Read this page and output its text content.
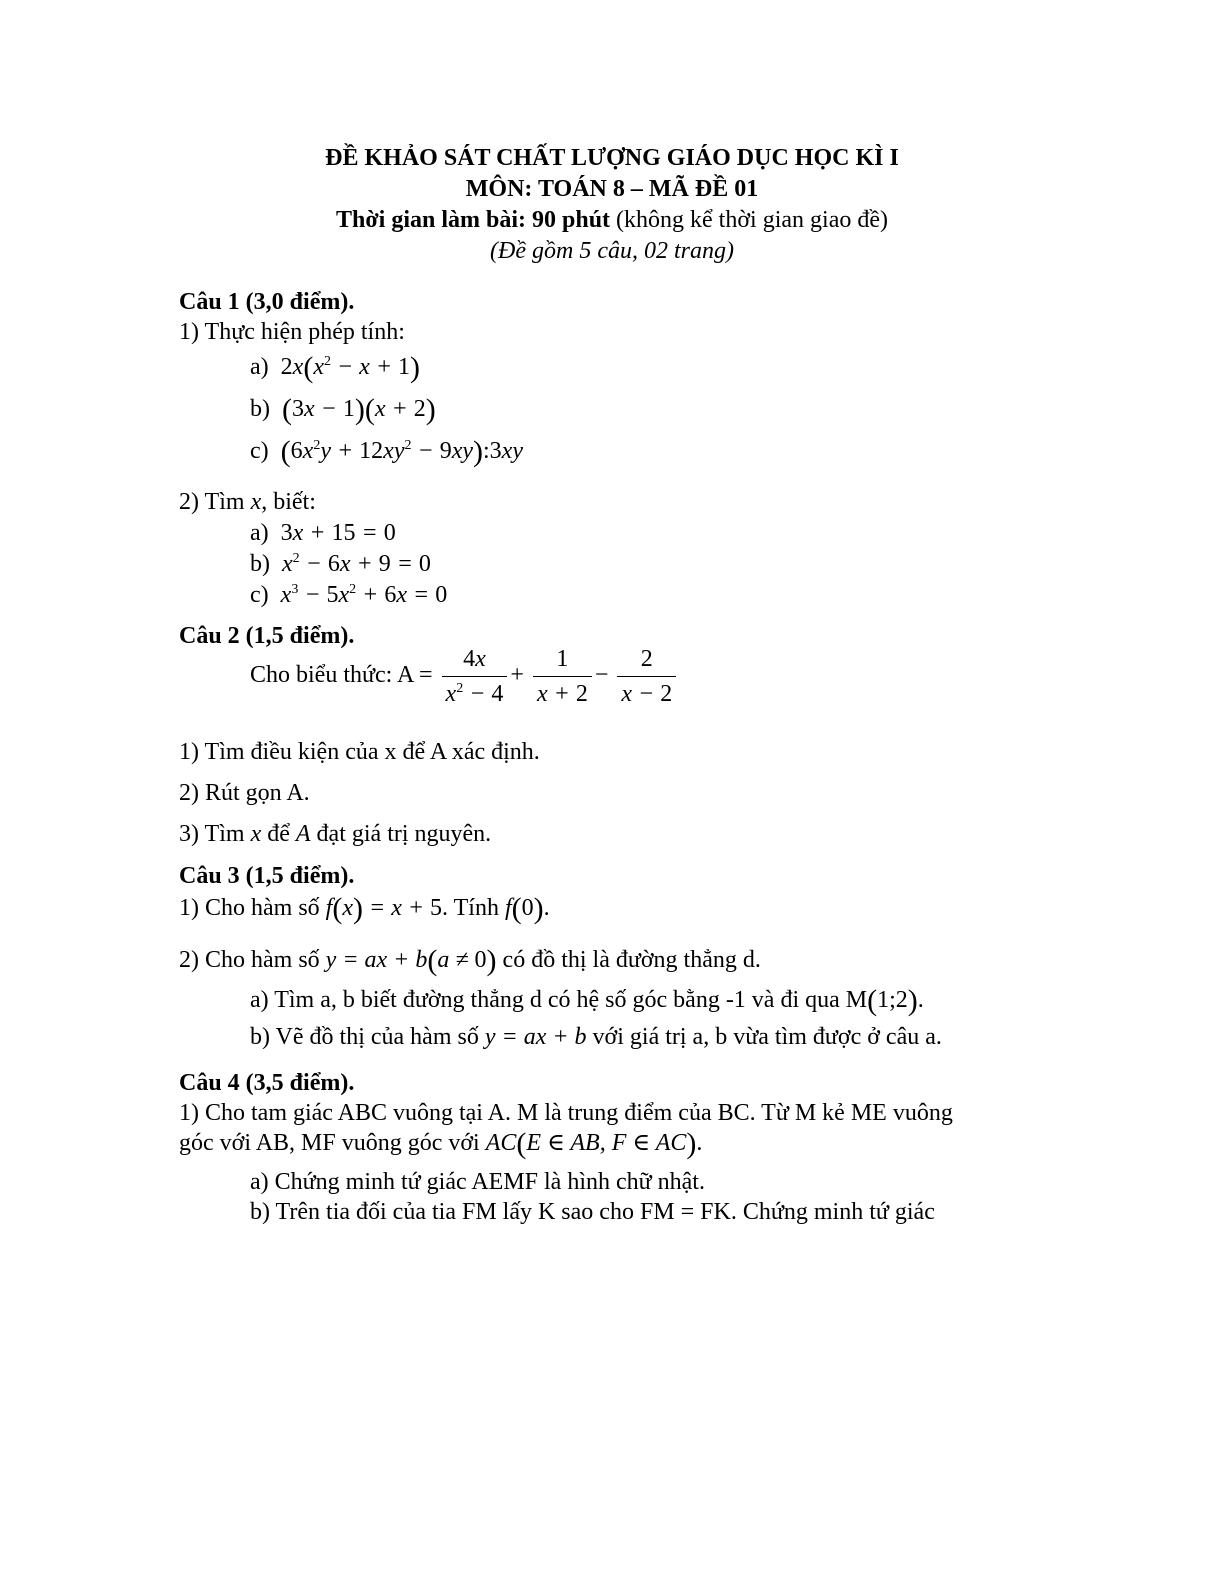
ĐỀ KHẢO SÁT CHẤT LƯỢNG GIÁO DỤC HỌC KÌ I
MÔN: TOÁN 8 – MÃ ĐỀ 01
Thời gian làm bài: 90 phút (không kể thời gian giao đề)
(Đề gồm 5 câu, 02 trang)
Câu 1 (3,0 điểm).
1) Thực hiện phép tính:
a) $2x(x^2 - x + 1)$
b) (3x − 1)(x + 2)
c) ($6x^2y + 12xy^2$ − 9xy):3xy
2) Tìm x, biết:
a) 3x + 15 = 0
b) $x^2 - 6x + 9 = 0$
c) $x^3 - 5x^2 + 6x = 0$
Câu 2 (1,5 điểm).
Cho biểu thức: $A = \frac{4x}{x^2 - 4} + \frac{1}{x + 2} - \frac{2}{x - 2}$
1) Tìm điều kiện của x để A xác định.
2) Rút gọn A.
3) Tìm x để A đạt giá trị nguyên.
Câu 3 (1,5 điểm).
1) Cho hàm số f(x) = x + 5. Tính f(0).
2) Cho hàm số y = ax + b(a ≠ 0) có đồ thị là đường thẳng d.
a) Tìm a, b biết đường thẳng d có hệ số góc bằng -1 và đi qua M(1;2).
b) Vẽ đồ thị của hàm số y = ax + b với giá trị a, b vừa tìm được ở câu a.
Câu 4 (3,5 điểm).
1) Cho tam giác ABC vuông tại A. M là trung điểm của BC. Từ M kẻ ME vuông
góc với AB, MF vuông góc với AC(E ∈ AB, F ∈ AC).
a) Chứng minh tứ giác AEMF là hình chữ nhật.
b) Trên tia đối của tia FM lấy K sao cho FM = FK. Chứng minh tứ giác
